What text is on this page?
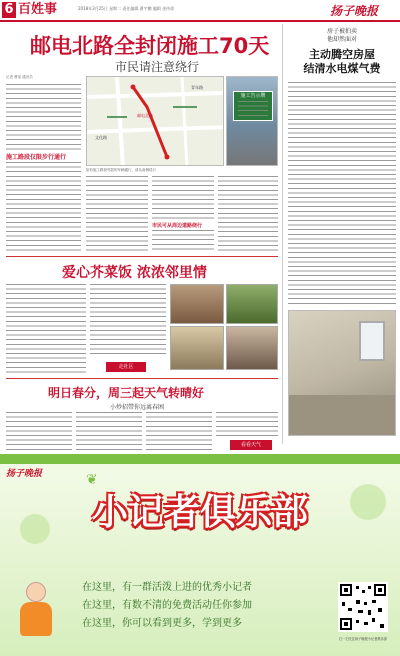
6 百姓事	2018年3月25日 星期二 责任编辑 曹宇鹏 编辑 金传琼	扬子晚报
邮电北路全封闭施工70天
市民请注意绕行
记者 曹某 通讯员
施工路段仅限步行通行
邮电北路
文化路
青年路
施工告示牌
如有施工路段邻居的车辆通行，请从南侧绕行
市民可从周边道路绕行
房子被拍卖
他却然面对
主动腾空房屋
结清水电煤气费
爱心芥菜饭 浓浓邻里情
走社区
明日春分，周三起天气转晴好
小炒招带你远离春困
看看天气
扬子晚报	❦
小记者俱乐部
在这里，有一群活泼上进的优秀小记者
在这里，有数不清的免费活动任你参加
在这里，你可以看到更多，学到更多
扫一扫关注扬子晚报小记者俱乐部
